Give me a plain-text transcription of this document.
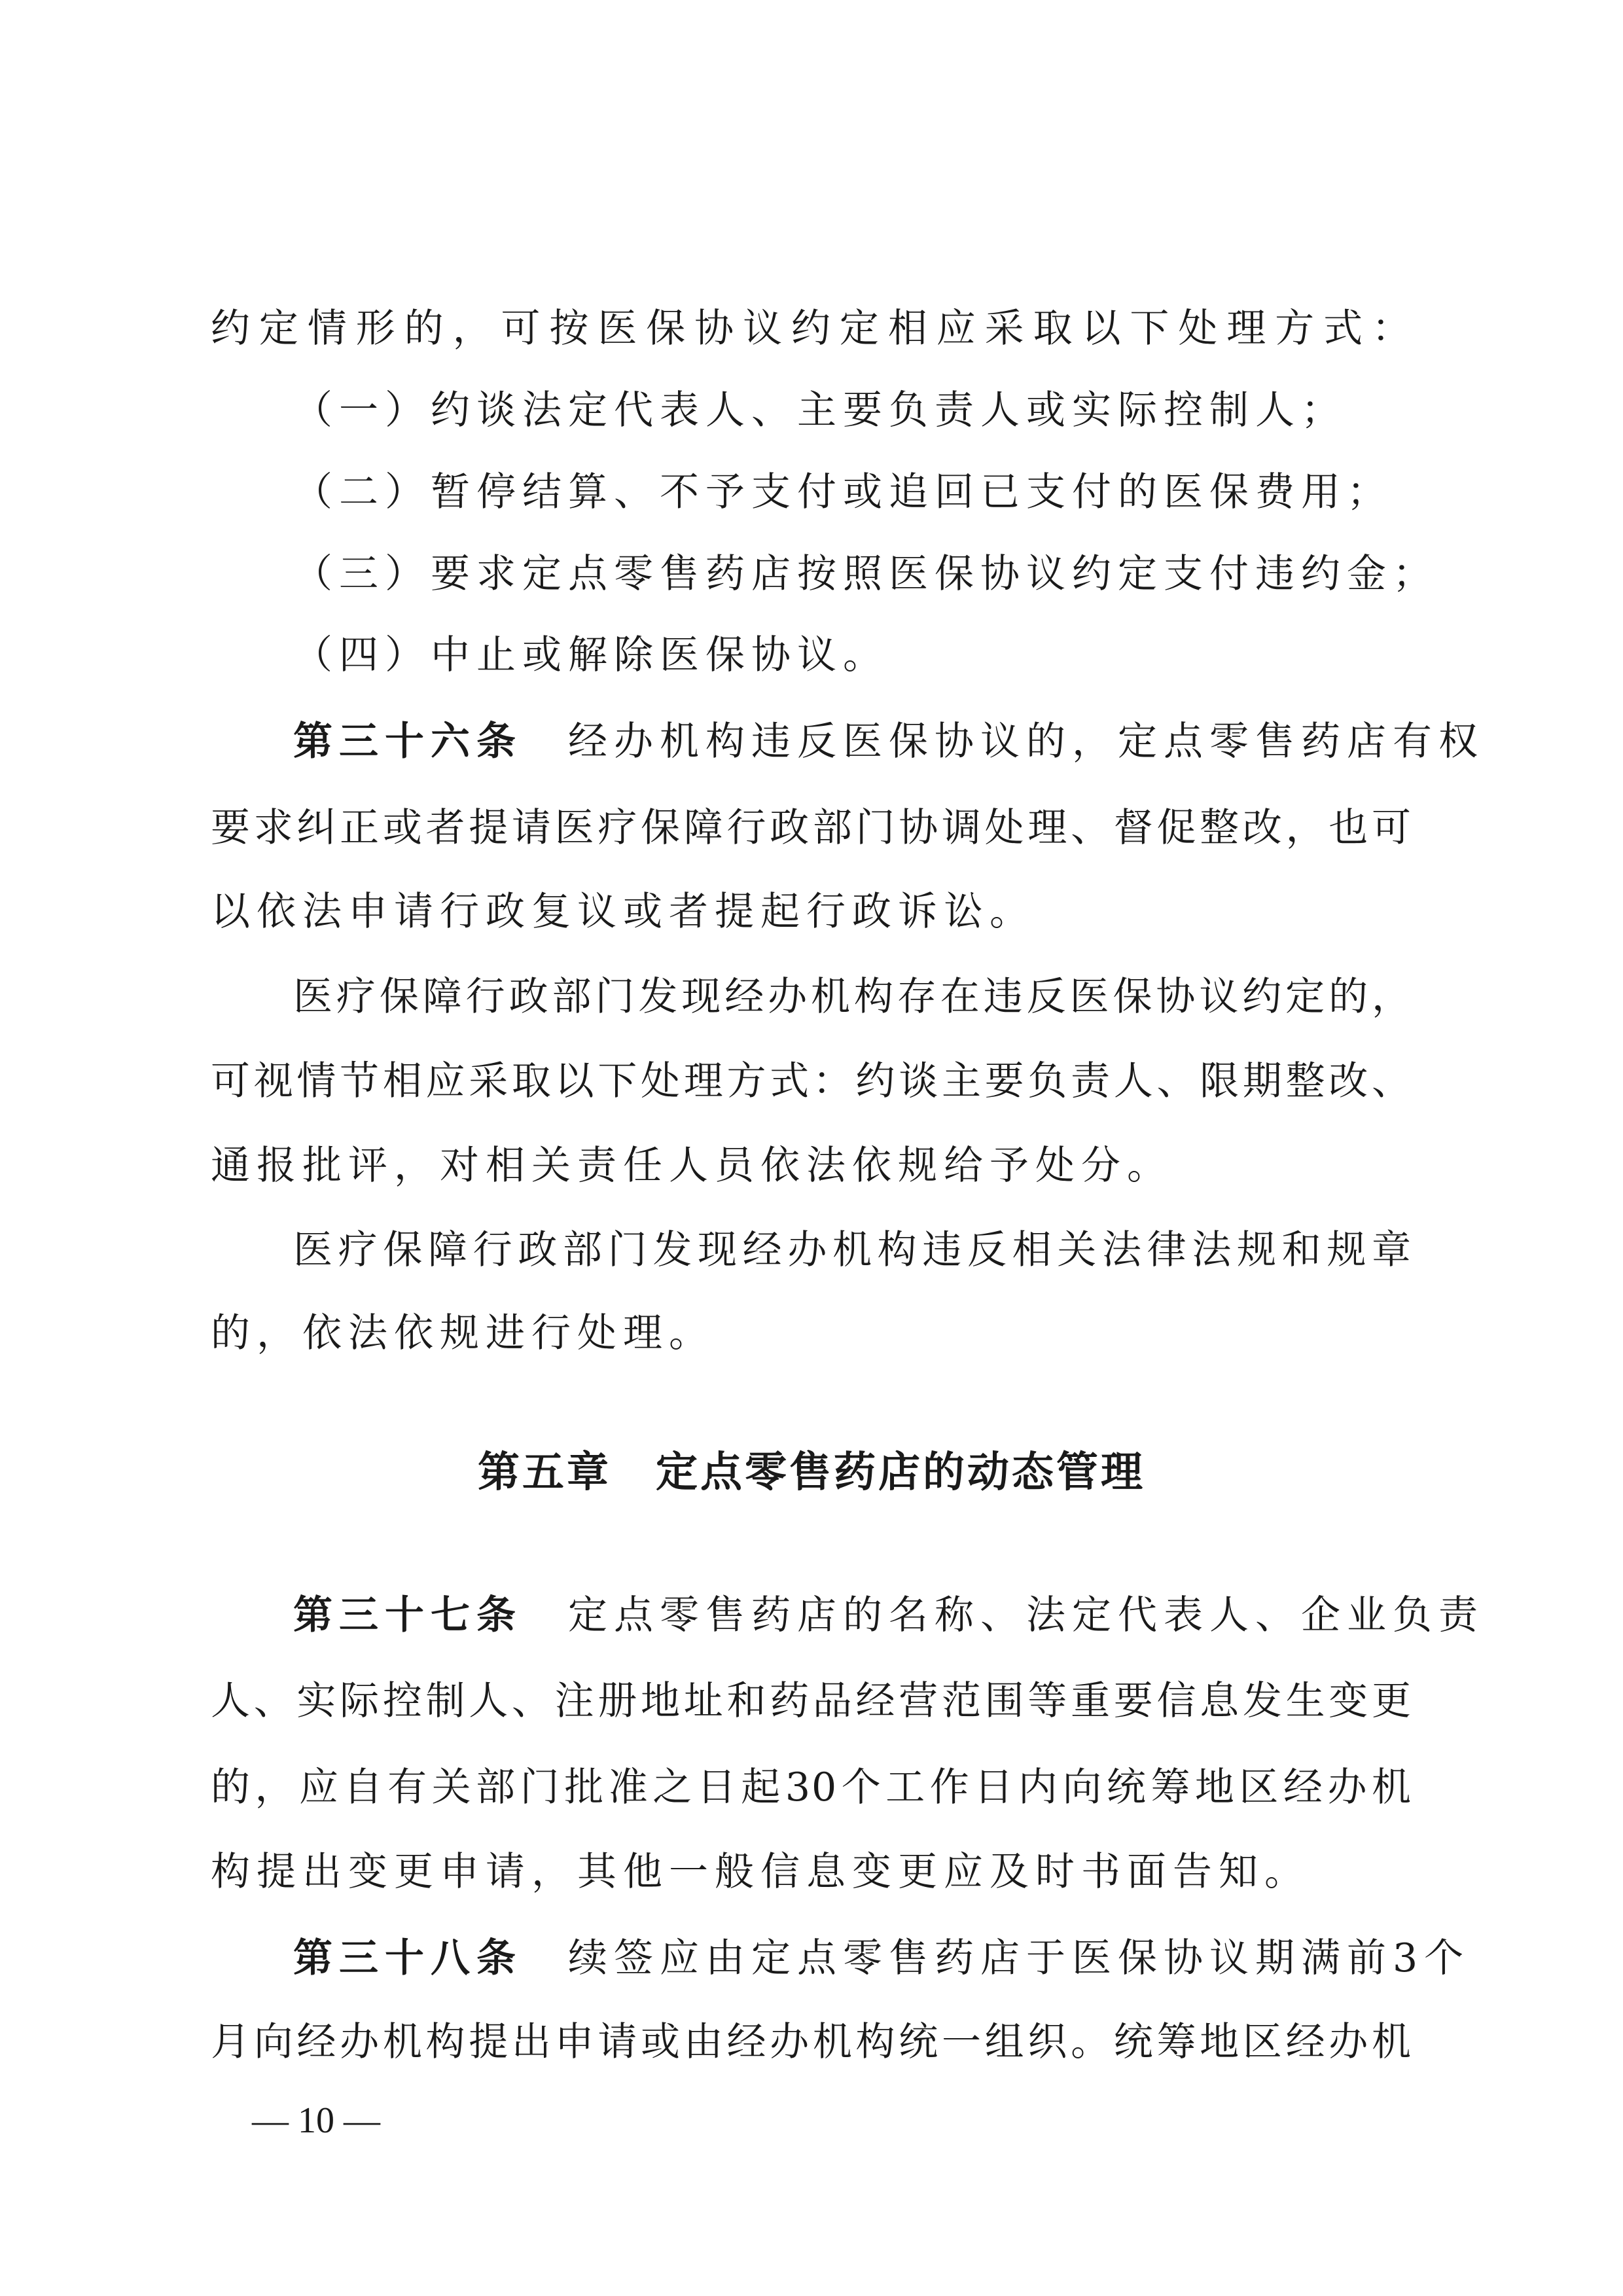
约定情形的，可按医保协议约定相应采取以下处理方式：
（一）约谈法定代表人、主要负责人或实际控制人；
（二）暂停结算、不予支付或追回已支付的医保费用；
（三）要求定点零售药店按照医保协议约定支付违约金；
（四）中止或解除医保协议。
第三十六条 经办机构违反医保协议的，定点零售药店有权
要求纠正或者提请医疗保障行政部门协调处理、督促整改，也可
以依法申请行政复议或者提起行政诉讼。
医疗保障行政部门发现经办机构存在违反医保协议约定的，
可视情节相应采取以下处理方式：约谈主要负责人、限期整改、
通报批评，对相关责任人员依法依规给予处分。
医疗保障行政部门发现经办机构违反相关法律法规和规章
的，依法依规进行处理。
第五章　定点零售药店的动态管理
第三十七条 定点零售药店的名称、法定代表人、企业负责
人、实际控制人、注册地址和药品经营范围等重要信息发生变更
的，应自有关部门批准之日起30个工作日内向统筹地区经办机
构提出变更申请，其他一般信息变更应及时书面告知。
第三十八条 续签应由定点零售药店于医保协议期满前3个
月向经办机构提出申请或由经办机构统一组织。统筹地区经办机
— 10 —
